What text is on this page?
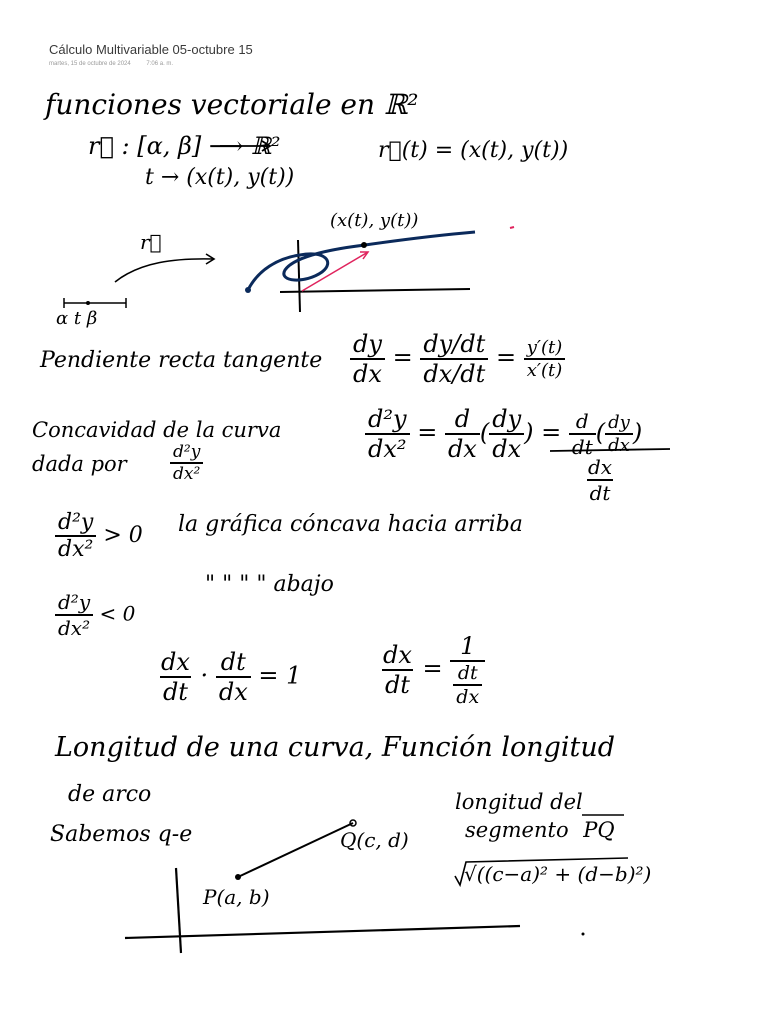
Cálculo Multivariable 05-octubre 15
martes, 15 de octubre de 2024	7:06 a. m.
funciones vectoriale en ℝ²
r⃗ : [α, β] ⟶ ℝ²	r⃗(t) = (x(t), y(t))
t → (x(t), y(t))
(x(t), y(t))
r⃗
α t β
Pendiente recta tangente $\frac{dy}{dx} = \frac{dy/dt}{dx/dt} = \frac{y'(t)}{x'(t)}$
Concavidad de la curva
dada por	$\frac{\text{d²y}}{\text{dx²}}$	$\frac{\text{d²y}}{\text{dx²}} = \frac{d}{dx}$ ( $\frac{dy}{dx}$ ) = $\frac{d}{dt}$ ( $\frac{dy}{dx}$ )
$\frac{dx}{dt}$
$\frac{\text{d²y}}{\text{dx²}} > 0$ la gráfica cóncava hacia arriba
$\frac{\text{d²y}}{\text{dx²}} < 0$
" " " " abajo
$\frac{dx}{dt} \cdot \frac{dt}{dx} = 1$	$\frac{dx}{dt} = \frac{1}{\frac{dt}{dx}}$
Longitud de una curva, Función longitud
de arco
Sabemos q-e
longitud del
segmento PQ
√((c−a)² + (d−b)²)
Q(c, d)
P(a, b)
